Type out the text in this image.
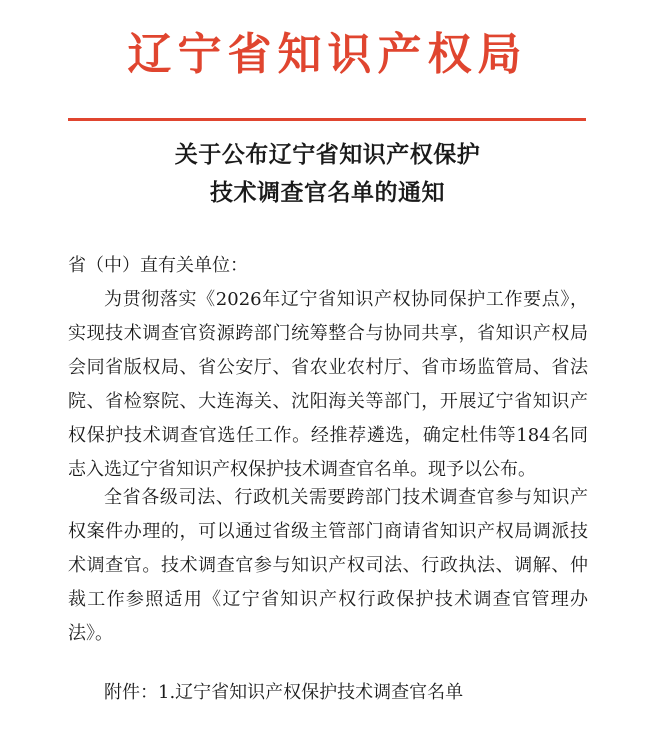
辽宁省知识产权局
关于公布辽宁省知识产权保护
技术调查官名单的通知
省（中）直有关单位：
为贯彻落实《2026年辽宁省知识产权协同保护工作要点》，
实现技术调查官资源跨部门统筹整合与协同共享，省知识产权局
会同省版权局、省公安厅、省农业农村厅、省市场监管局、省法
院、省检察院、大连海关、沈阳海关等部门，开展辽宁省知识产
权保护技术调查官选任工作。经推荐遴选，确定杜伟等184名同
志入选辽宁省知识产权保护技术调查官名单。现予以公布。
全省各级司法、行政机关需要跨部门技术调查官参与知识产
权案件办理的，可以通过省级主管部门商请省知识产权局调派技
术调查官。技术调查官参与知识产权司法、行政执法、调解、仲
裁工作参照适用《辽宁省知识产权行政保护技术调查官管理办
法》。
附件：1.辽宁省知识产权保护技术调查官名单
